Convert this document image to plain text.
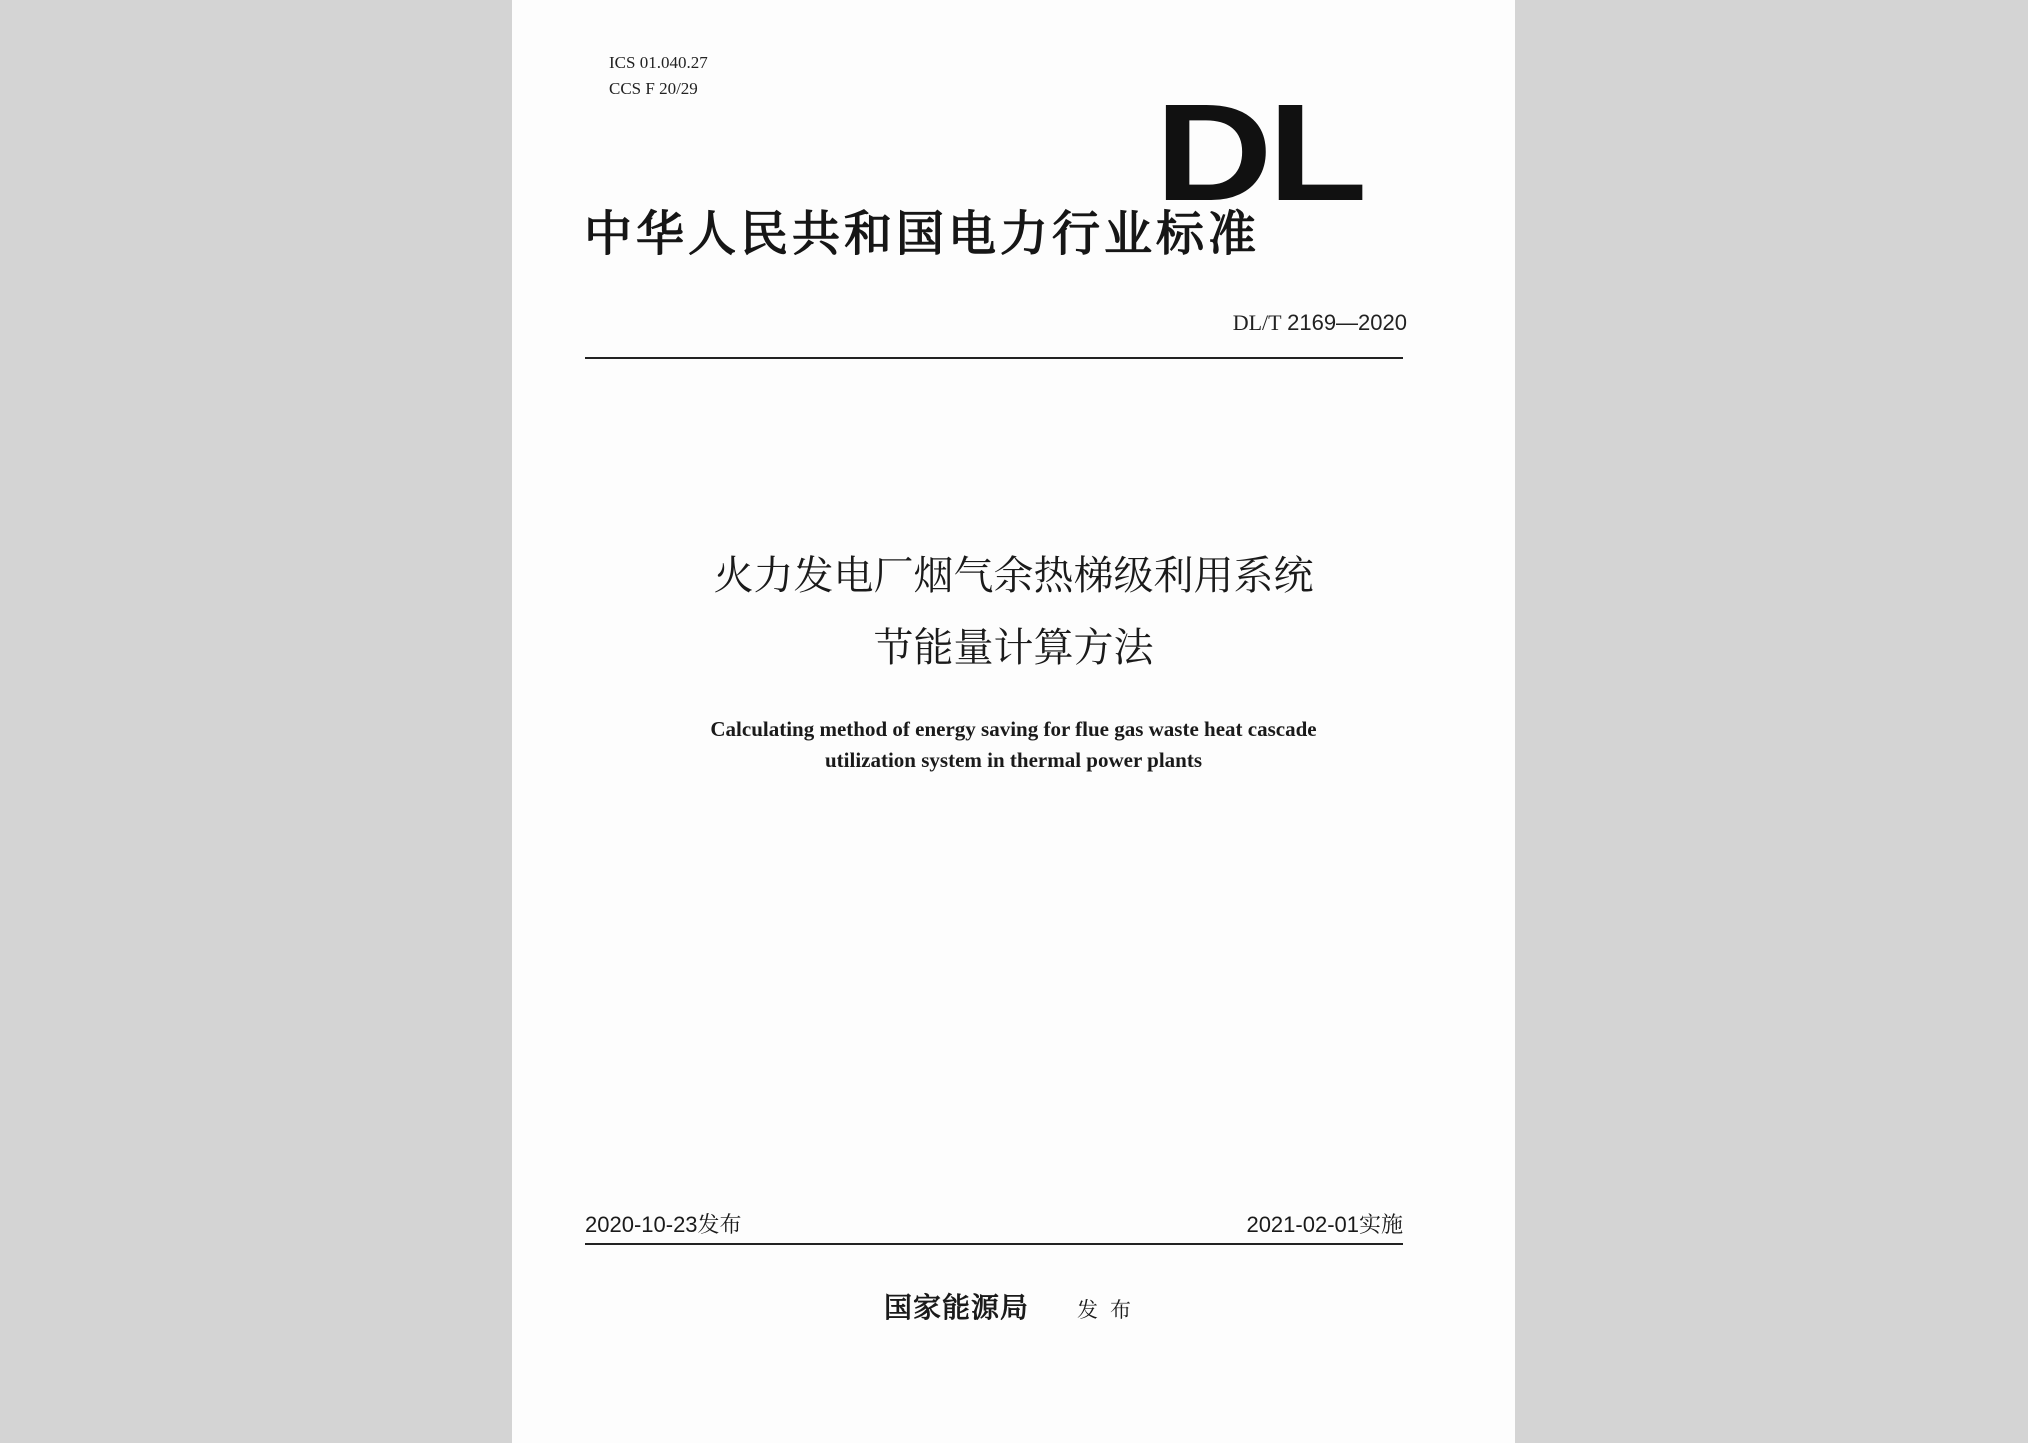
ICS 01.040.27
CCS F 20/29	DL
中华人民共和国电力行业标准
DL/T 2169—2020
火力发电厂烟气余热梯级利用系统
节能量计算方法
Calculating method of energy saving for flue gas waste heat cascade
utilization system in thermal power plants
2020-10-23发布	2021-02-01实施
国家能源局 发布
